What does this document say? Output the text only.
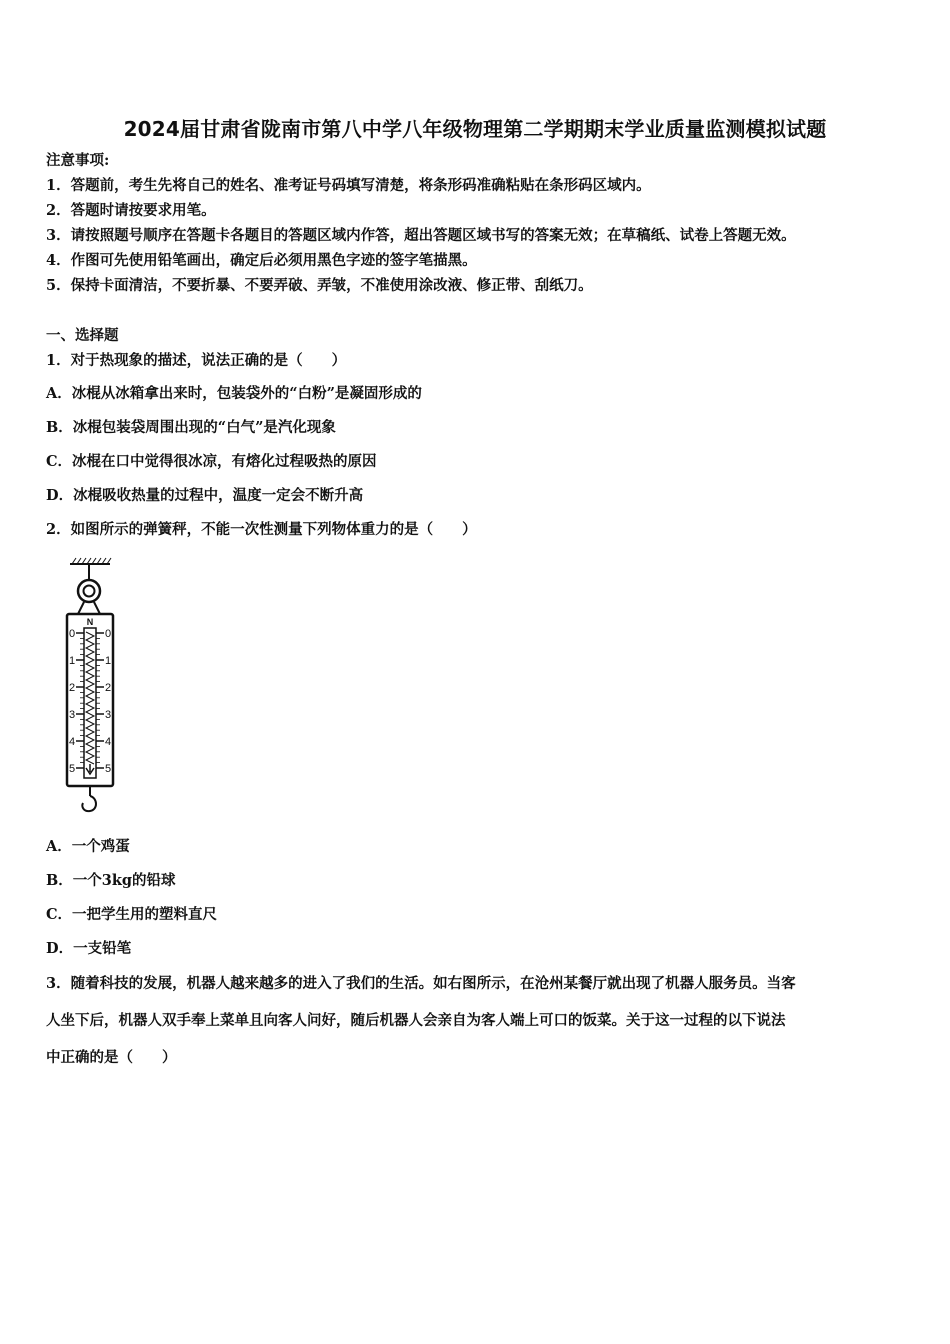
2024届甘肃省陇南市第八中学八年级物理第二学期期末学业质量监测模拟试题
注意事项:
1．答题前，考生先将自己的姓名、准考证号码填写清楚，将条形码准确粘贴在条形码区域内。
2．答题时请按要求用笔。
3．请按照题号顺序在答题卡各题目的答题区域内作答，超出答题区域书写的答案无效；在草稿纸、试卷上答题无效。
4．作图可先使用铅笔画出，确定后必须用黑色字迹的签字笔描黑。
5．保持卡面清洁，不要折暴、不要弄破、弄皱，不准使用涂改液、修正带、刮纸刀。
一、选择题
1．对于热现象的描述，说法正确的是（　　）
A．冰棍从冰箱拿出来时，包装袋外的“白粉”是凝固形成的
B．冰棍包装袋周围出现的“白气”是汽化现象
C．冰棍在口中觉得很冰凉，有熔化过程吸热的原因
D．冰棍吸收热量的过程中，温度一定会不断升高
2．如图所示的弹簧秤，不能一次性测量下列物体重力的是（　　）
N
0
1
2
3
4
5
0
1
2
3
4
5
A．一个鸡蛋
B．一个3kg的铅球
C．一把学生用的塑料直尺
D．一支铅笔
3．随着科技的发展，机器人越来越多的进入了我们的生活。如右图所示，在沧州某餐厅就出现了机器人服务员。当客
人坐下后，机器人双手奉上菜单且向客人问好，随后机器人会亲自为客人端上可口的饭菜。关于这一过程的以下说法
中正确的是（　　）
